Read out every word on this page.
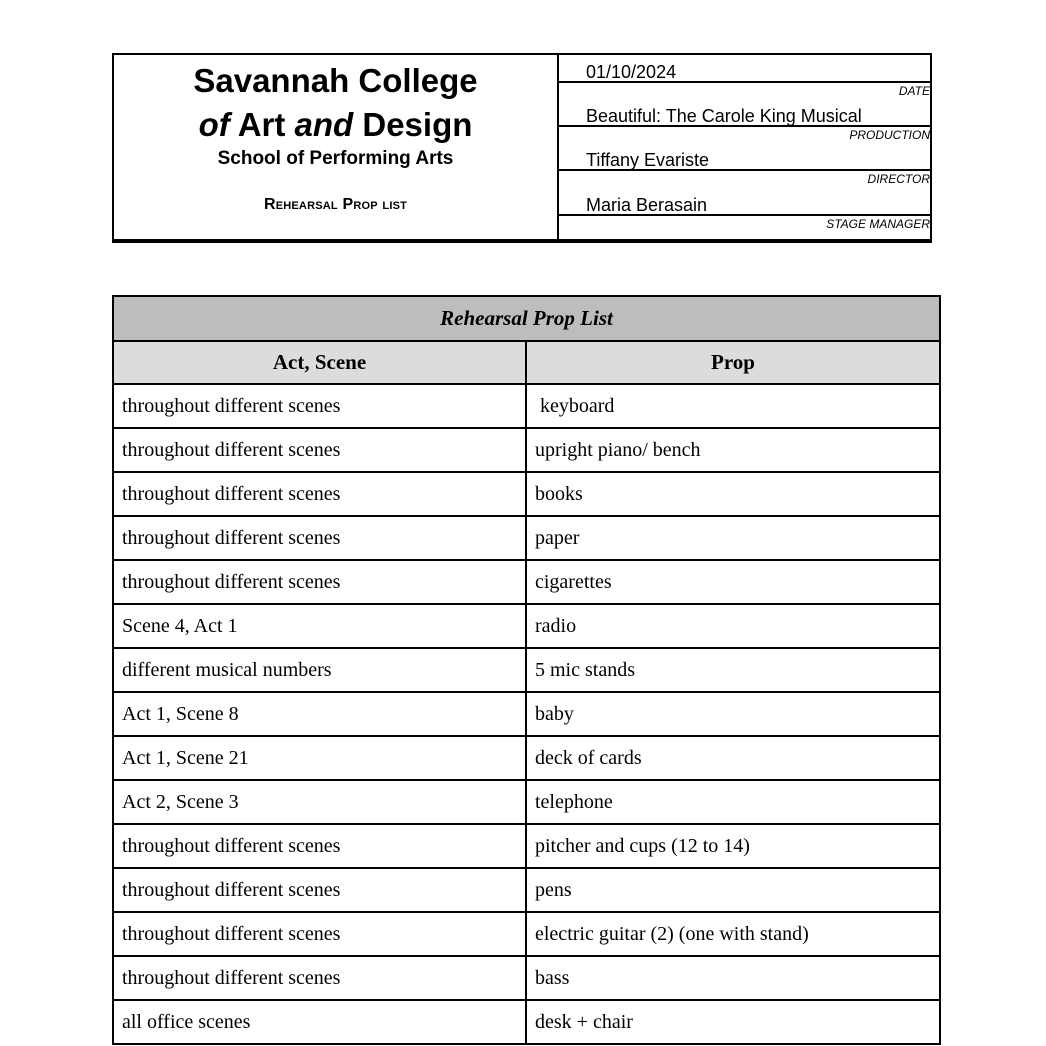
Savannah College
of Art and Design
School of Performing Arts
Rehearsal Prop list
01/10/2024
DATE
Beautiful: The Carole King Musical
PRODUCTION
Tiffany Evariste
DIRECTOR
Maria Berasain
STAGE MANAGER
Rehearsal Prop List	
Act, Scene	Prop
throughout different scenes	keyboard
throughout different scenes	upright piano/ bench
throughout different scenes	books
throughout different scenes	paper
throughout different scenes	cigarettes
Scene 4, Act 1	radio
different musical numbers	5 mic stands
Act 1, Scene 8	baby
Act 1, Scene 21	deck of cards
Act 2, Scene 3	telephone
throughout different scenes	pitcher and cups (12 to 14)
throughout different scenes	pens
throughout different scenes	electric guitar (2) (one with stand)
throughout different scenes	bass
all office scenes	desk + chair
